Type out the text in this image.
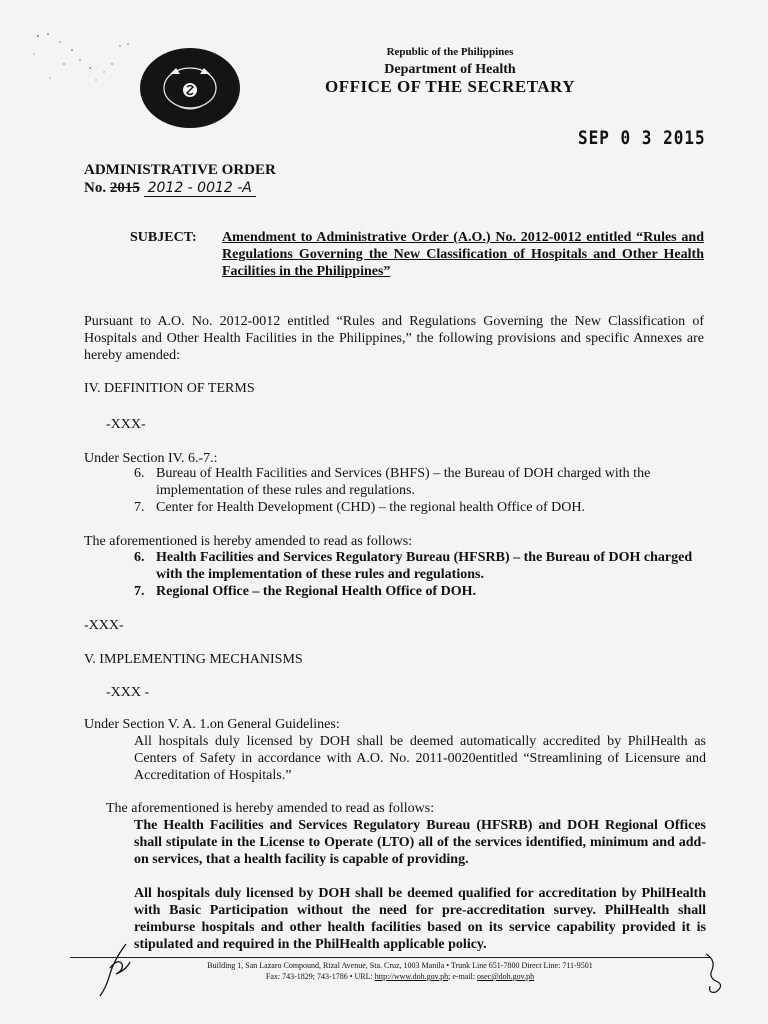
Republic of the Philippines
Department of Health
OFFICE OF THE SECRETARY
SEP 0 3 2015
ADMINISTRATIVE ORDER
No. 2015 2012 - 0012 -A
SUBJECT: Amendment to Administrative Order (A.O.) No. 2012-0012 entitled “Rules and Regulations Governing the New Classification of Hospitals and Other Health Facilities in the Philippines”
Pursuant to A.O. No. 2012-0012 entitled “Rules and Regulations Governing the New Classification of Hospitals and Other Health Facilities in the Philippines,” the following provisions and specific Annexes are hereby amended:
IV. DEFINITION OF TERMS
-XXX-
Under Section IV. 6.-7.:
6. Bureau of Health Facilities and Services (BHFS) – the Bureau of DOH charged with the implementation of these rules and regulations.
7. Center for Health Development (CHD) – the regional health Office of DOH.
The aforementioned is hereby amended to read as follows:
6. Health Facilities and Services Regulatory Bureau (HFSRB) – the Bureau of DOH charged with the implementation of these rules and regulations.
7. Regional Office – the Regional Health Office of DOH.
-XXX-
V. IMPLEMENTING MECHANISMS
-XXX -
Under Section V. A. 1.on General Guidelines:
All hospitals duly licensed by DOH shall be deemed automatically accredited by PhilHealth as Centers of Safety in accordance with A.O. No. 2011-0020entitled “Streamlining of Licensure and Accreditation of Hospitals.”
The aforementioned is hereby amended to read as follows:
The Health Facilities and Services Regulatory Bureau (HFSRB) and DOH Regional Offices shall stipulate in the License to Operate (LTO) all of the services identified, minimum and add-on services, that a health facility is capable of providing.
All hospitals duly licensed by DOH shall be deemed qualified for accreditation by PhilHealth with Basic Participation without the need for pre-accreditation survey. PhilHealth shall reimburse hospitals and other health facilities based on its service capability provided it is stipulated and required in the PhilHealth applicable policy.
Building 1, San Lazaro Compound, Rizal Avenue, Sta. Cruz, 1003 Manila • Trunk Line 651-7800 Direct Line: 711-9501
Fax: 743-1829; 743-1786 • URL: http://www.doh.gov.ph; e-mail: osec@doh.gov.ph
